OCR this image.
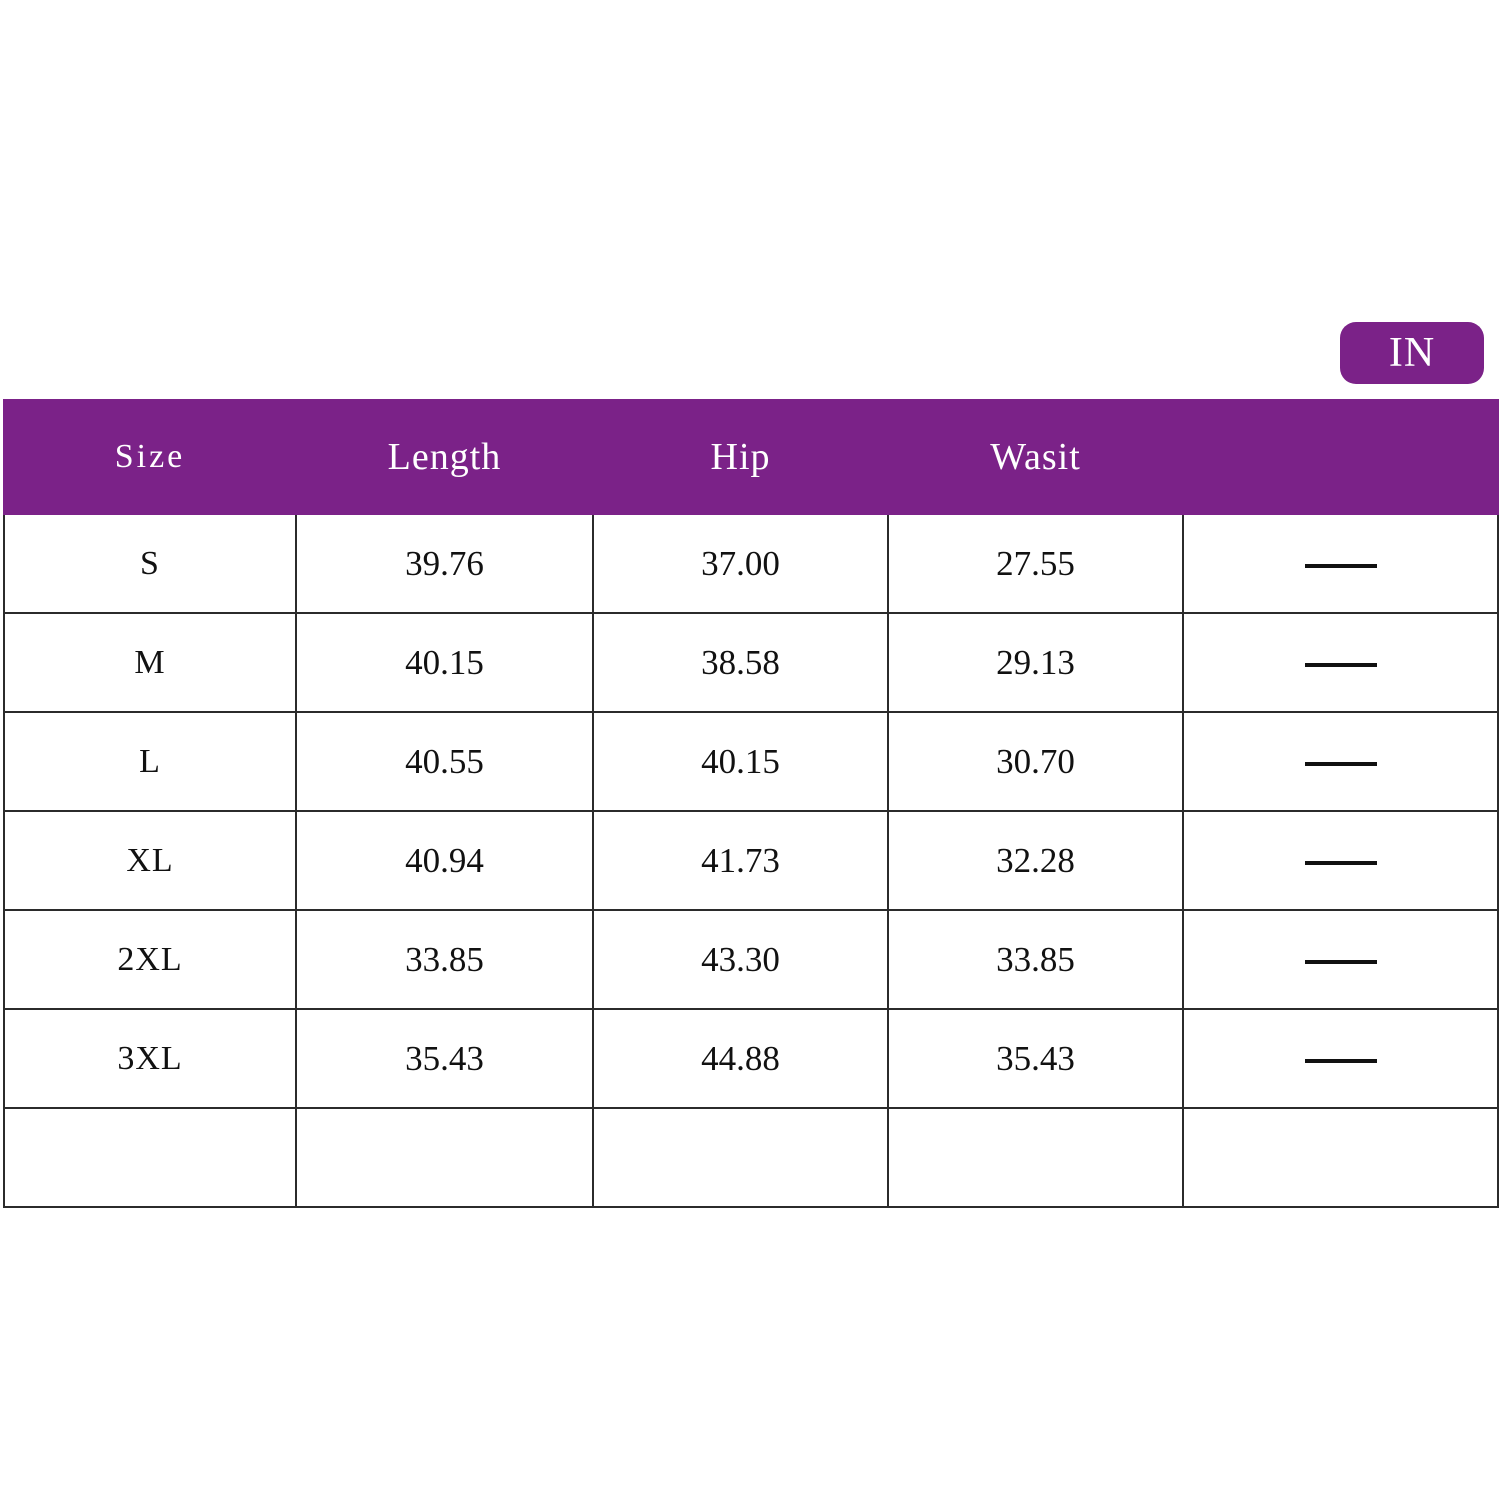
IN
Size	Length	Hip	Wasit	
S	39.76	37.00	27.55	
M	40.15	38.58	29.13	
L	40.55	40.15	30.70	
XL	40.94	41.73	32.28	
2XL	33.85	43.30	33.85	
3XL	35.43	44.88	35.43	
